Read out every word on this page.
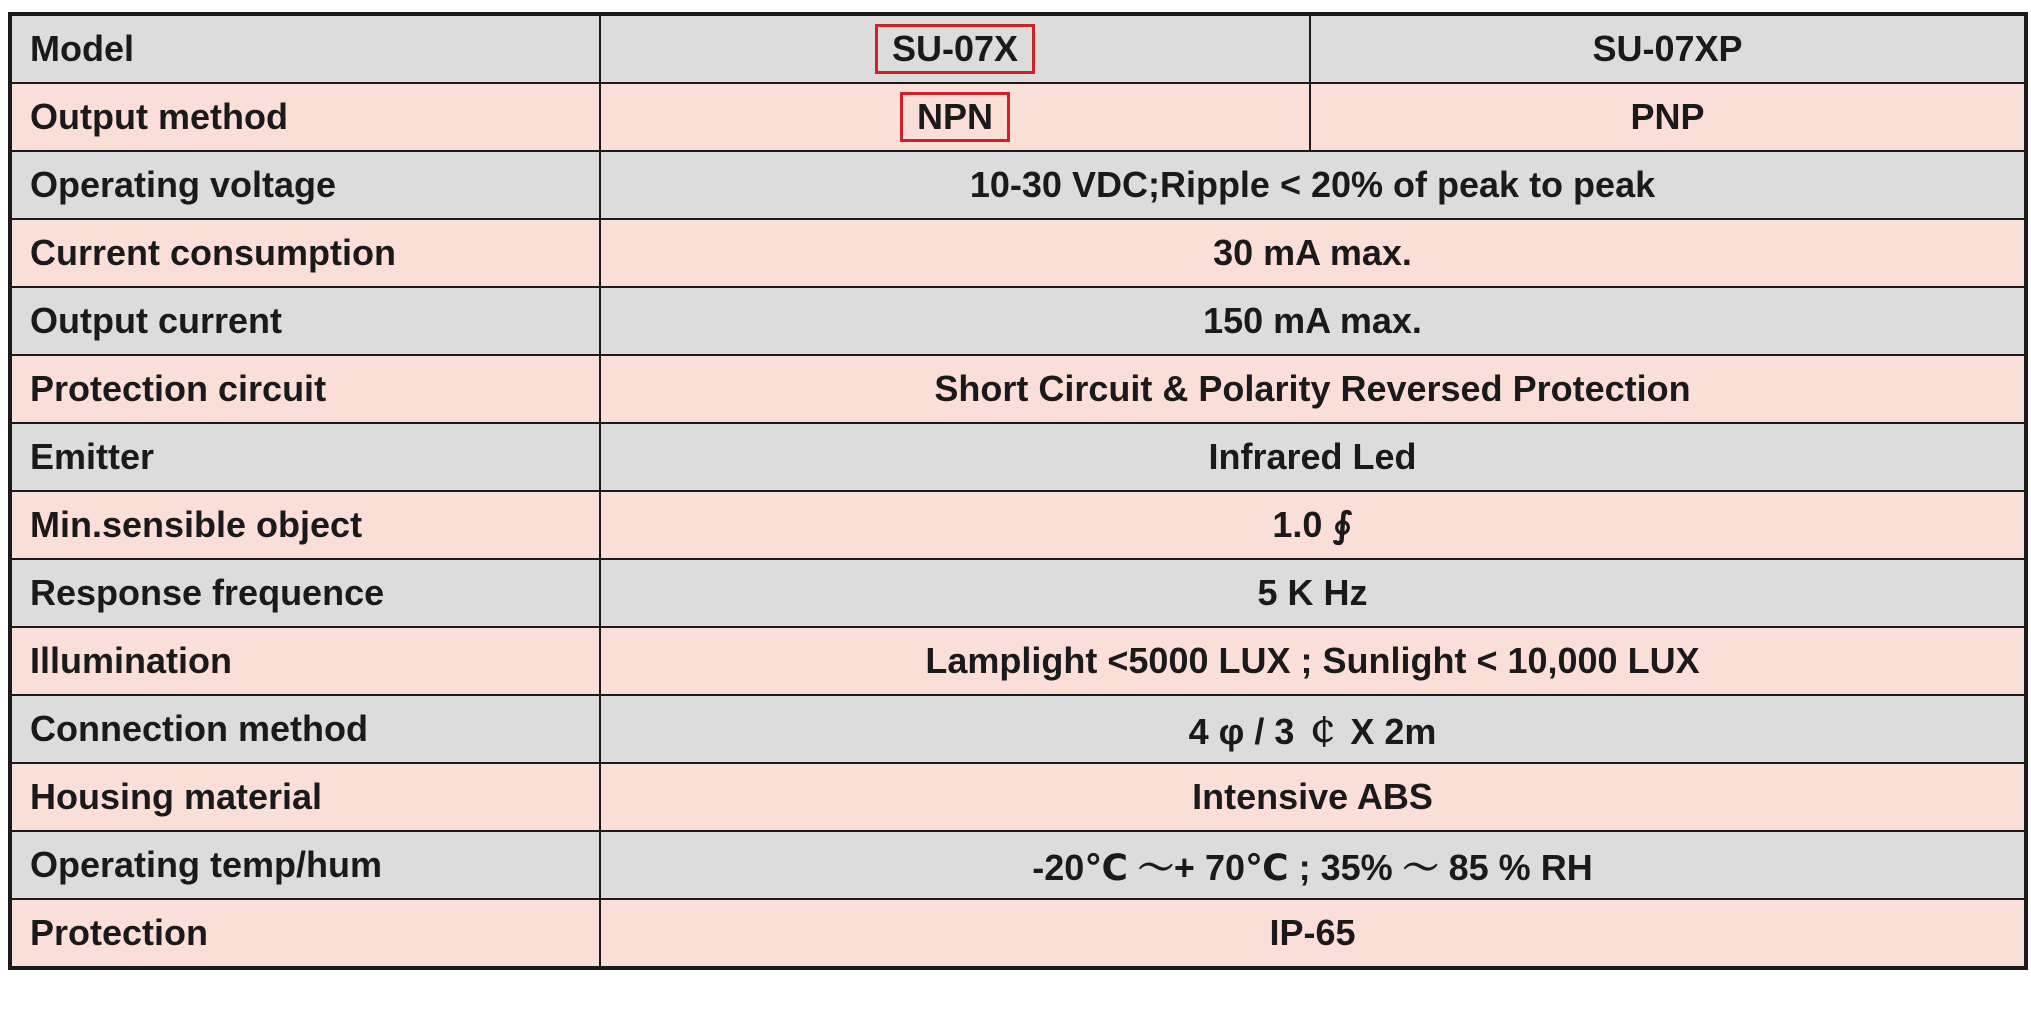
Model	SU-07X	SU-07XP
Output method	NPN	PNP
Operating voltage	10-30 VDC;Ripple < 20% of peak to peak	
Current consumption	30 mA max.	
Output current	150 mA max.	
Protection circuit	Short Circuit & Polarity Reversed Protection	
Emitter	Infrared Led	
Min.sensible object	1.0 ∮	
Response frequence	5 K Hz	
Illumination	Lamplight <5000 LUX ; Sunlight < 10,000 LUX	
Connection method	4 φ / 3 ￠ X 2m	
Housing material	Intensive ABS	
Operating temp/hum	-20℃ ～+ 70℃ ; 35% ～ 85 % RH	
Protection	IP-65	
